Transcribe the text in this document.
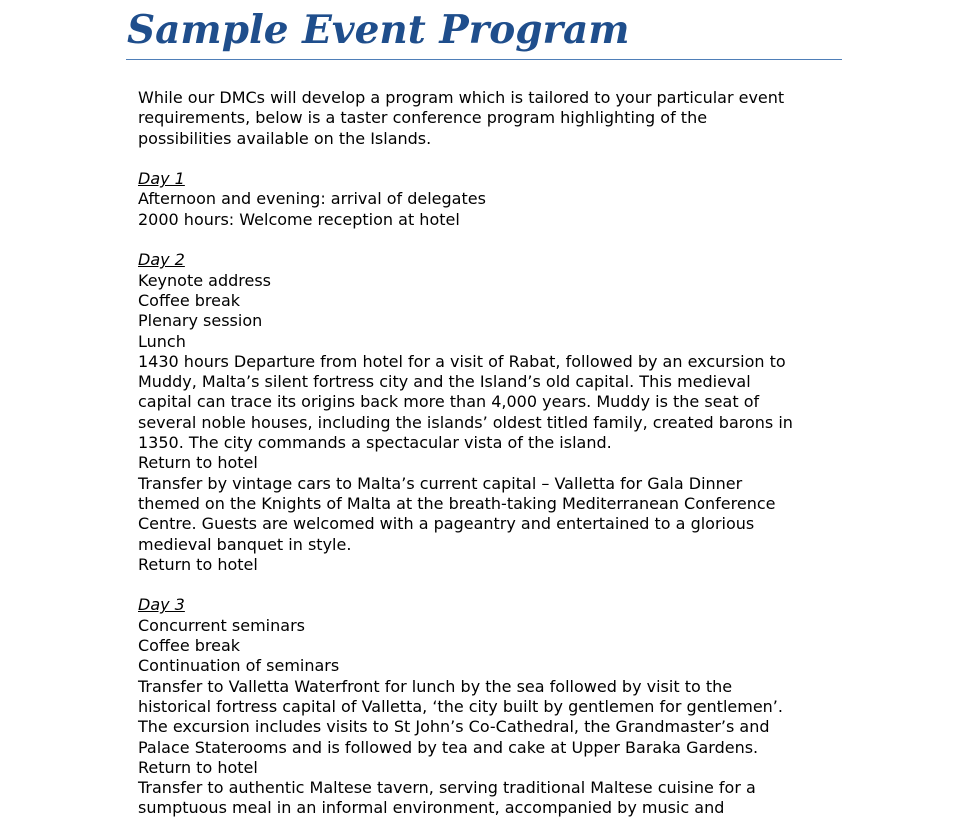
Sample Event Program
While our DMCs will develop a program which is tailored to your particular event
requirements, below is a taster conference program highlighting of the
possibilities available on the Islands.
Day 1
Afternoon and evening: arrival of delegates
2000 hours: Welcome reception at hotel
Day 2
Keynote address
Coffee break
Plenary session
Lunch
1430 hours Departure from hotel for a visit of Rabat, followed by an excursion to
Muddy, Malta’s silent fortress city and the Island’s old capital. This medieval
capital can trace its origins back more than 4,000 years. Muddy is the seat of
several noble houses, including the islands’ oldest titled family, created barons in
1350. The city commands a spectacular vista of the island.
Return to hotel
Transfer by vintage cars to Malta’s current capital – Valletta for Gala Dinner
themed on the Knights of Malta at the breath-taking Mediterranean Conference
Centre. Guests are welcomed with a pageantry and entertained to a glorious
medieval banquet in style.
Return to hotel
Day 3
Concurrent seminars
Coffee break
Continuation of seminars
Transfer to Valletta Waterfront for lunch by the sea followed by visit to the
historical fortress capital of Valletta, ‘the city built by gentlemen for gentlemen’.
The excursion includes visits to St John’s Co-Cathedral, the Grandmaster’s and
Palace Staterooms and is followed by tea and cake at Upper Baraka Gardens.
Return to hotel
Transfer to authentic Maltese tavern, serving traditional Maltese cuisine for a
sumptuous meal in an informal environment, accompanied by music and
